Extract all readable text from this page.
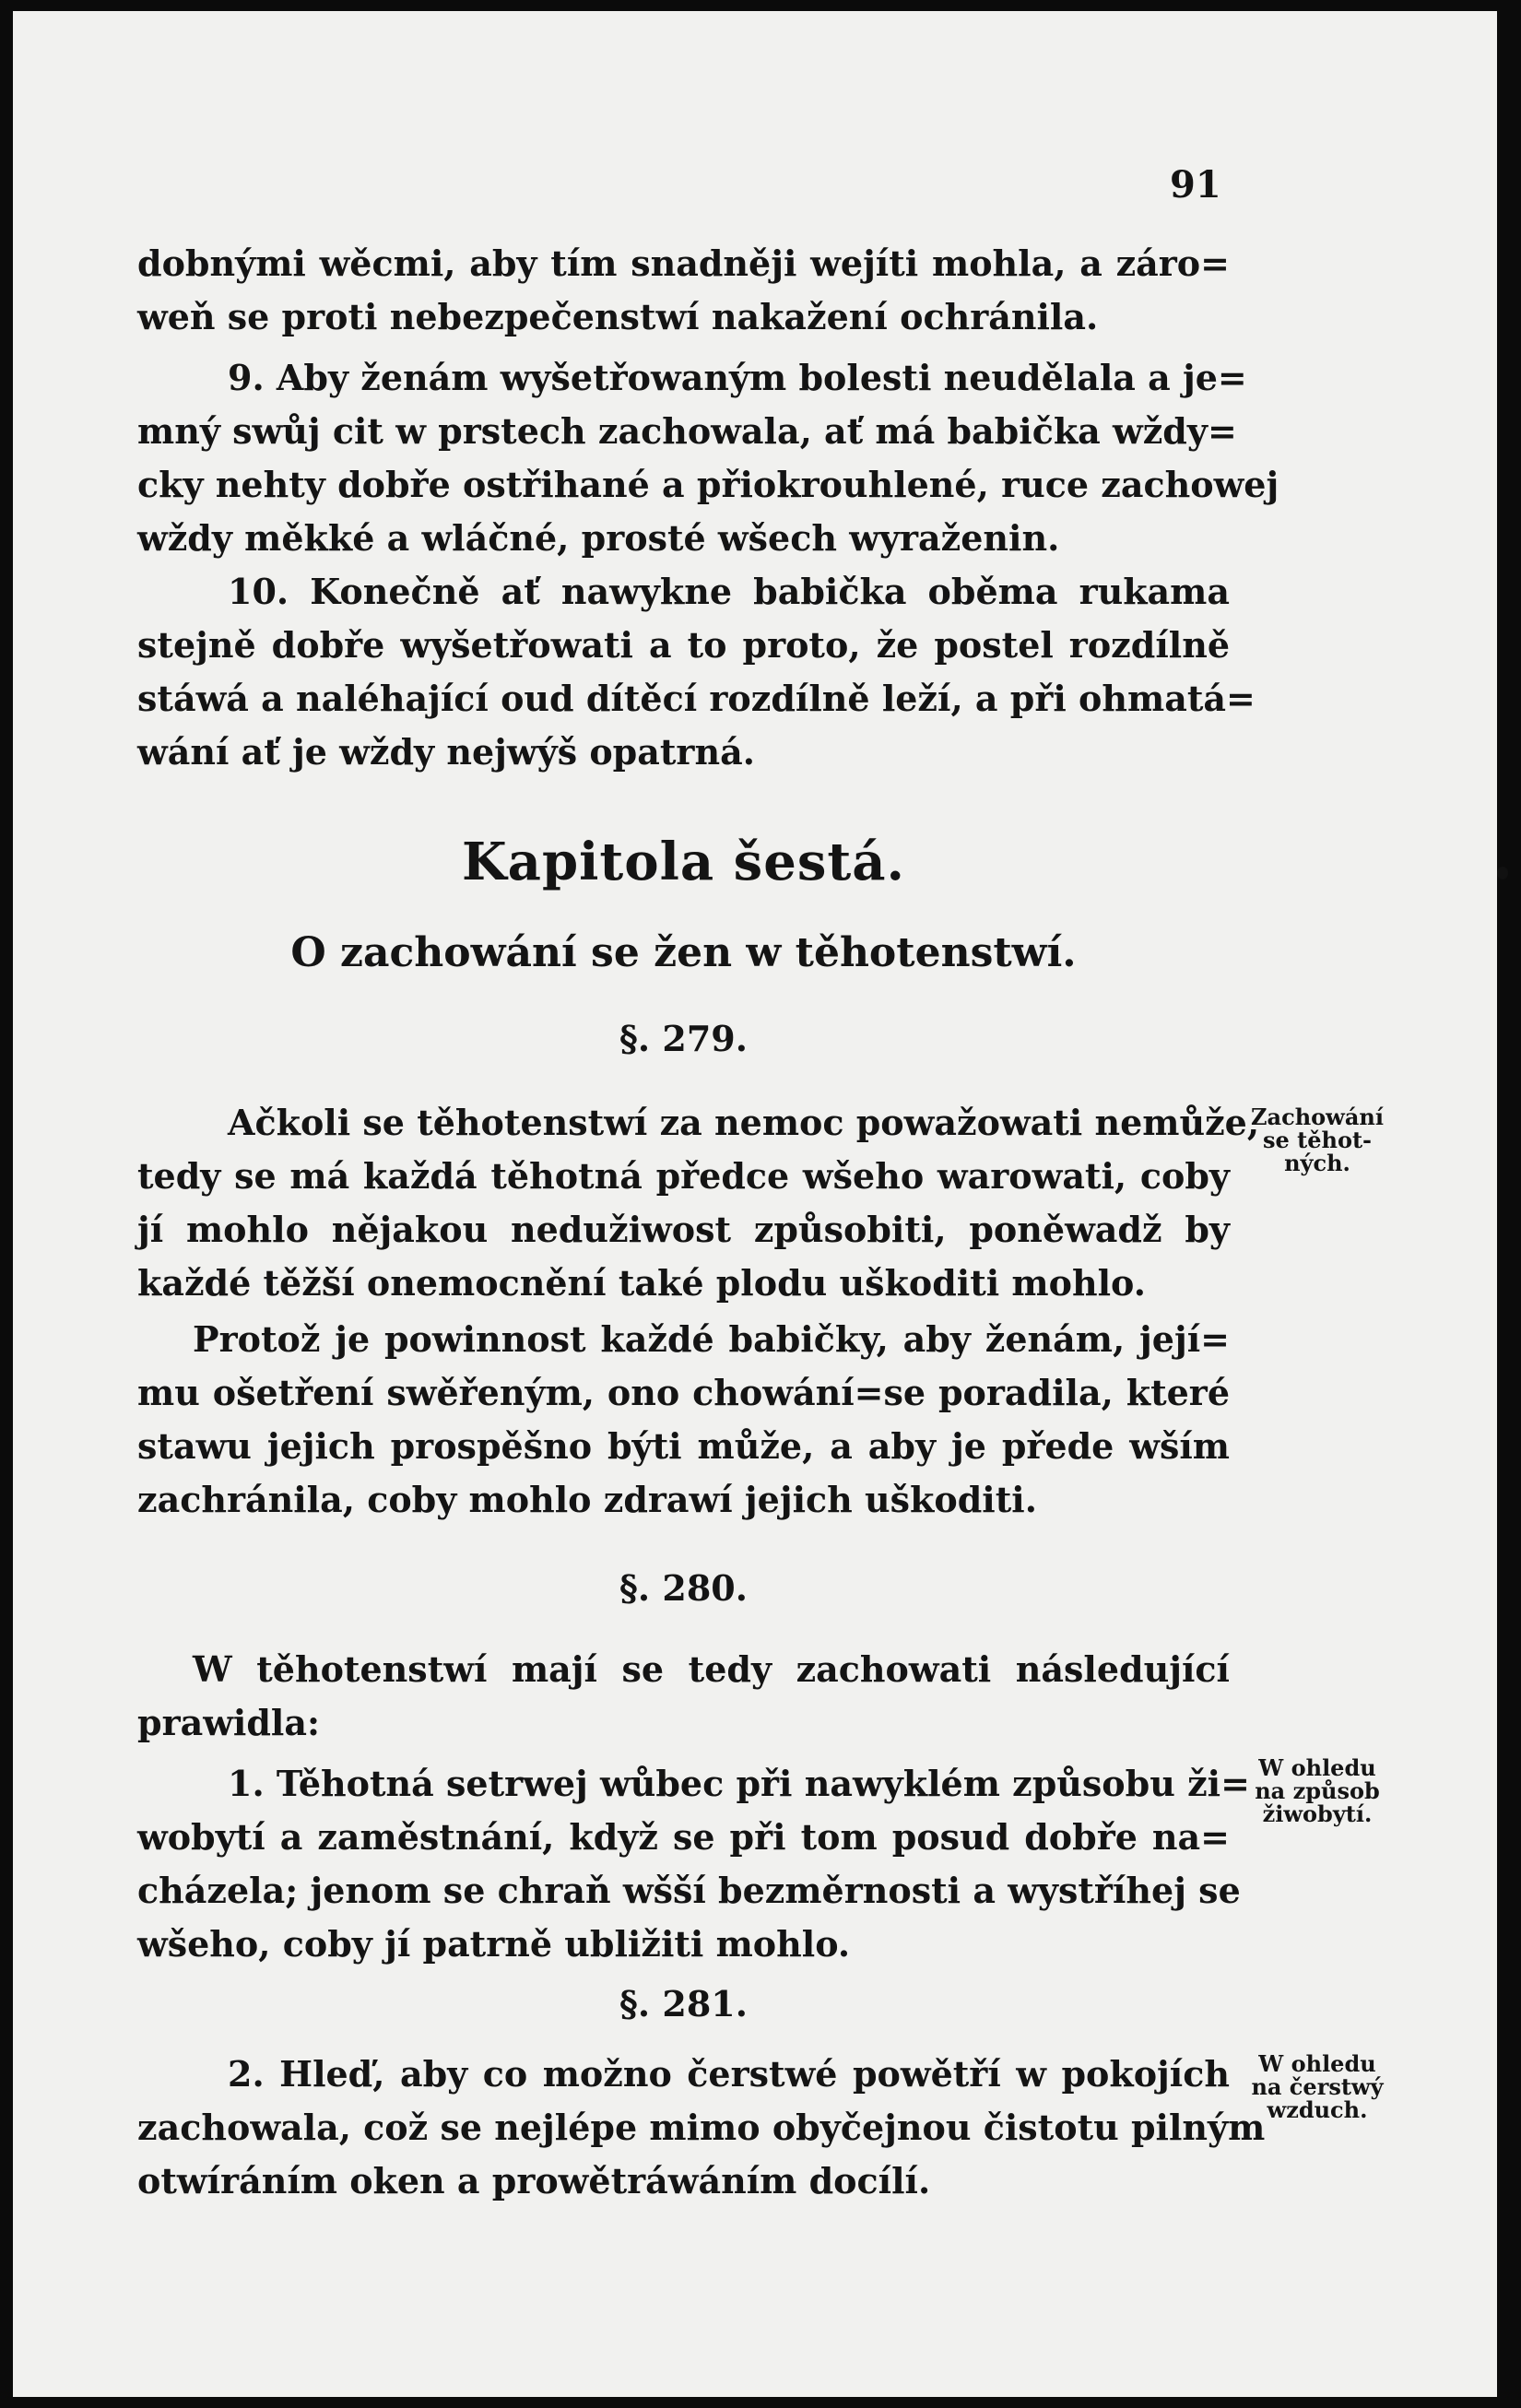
91
dobnými wěcmi, aby tím snadněji wejíti mohla, a záro=
weň se proti nebezpečenstwí nakažení ochránila.
9. Aby ženám wyšetřowaným bolesti neudělala a je=
mný swůj cit w prstech zachowala, ať má babička wždy=
cky nehty dobře ostřihané a přiokrouhlené, ruce zachowej
wždy měkké a wláčné, prosté wšech wyraženin.
10. Konečně ať nawykne babička oběma rukama
stejně dobře wyšetřowati a to proto, že postel rozdílně
stáwá a naléhající oud dítěcí rozdílně leží, a při ohmatá=
wání ať je wždy nejwýš opatrná.
Kapitola šestá.
O zachowání se žen w těhotenstwí.
§. 279.
Ačkoli se těhotenstwí za nemoc powažowati nemůže,
tedy se má každá těhotná předce wšeho warowati, coby
jí mohlo nějakou nedužiwost způsobiti, poněwadž by
každé těžší onemocnění také plodu uškoditi mohlo.
Protož je powinnost každé babičky, aby ženám, její=
mu ošetření swěřeným, ono chowání=se poradila, které
stawu jejich prospěšno býti může, a aby je přede wším
zachránila, coby mohlo zdrawí jejich uškoditi.
§. 280.
W těhotenstwí mají se tedy zachowati následující
prawidla:
1. Těhotná setrwej wůbec při nawyklém způsobu ži=
wobytí a zaměstnání, když se při tom posud dobře na=
cházela; jenom se chraň wšší bezměrnosti a wystříhej se
wšeho, coby jí patrně ubližiti mohlo.
§. 281.
2. Hleď, aby co možno čerstwé powětří w pokojích
zachowala, což se nejlépe mimo obyčejnou čistotu pilným
otwíráním oken a prowětráwáním docílí.
Zachowání
se těhot-
ných.
W ohledu
na způsob
žiwobytí.
W ohledu
na čerstwý
wzduch.
